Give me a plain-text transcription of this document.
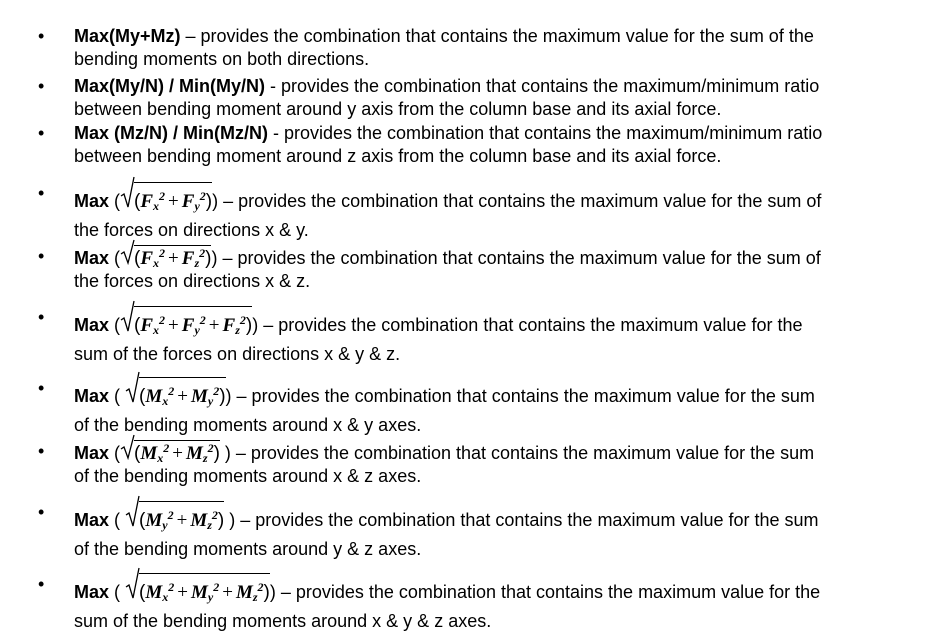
• Max(My+Mz) – provides the combination that contains the maximum value for the sum of the
bending moments on both directions.
• Max(My/N) / Min(My/N) - provides the combination that contains the maximum/minimum ratio
between bending moment around y axis from the column base and its axial force.
• Max (Mz/N) / Min(Mz/N) - provides the combination that contains the maximum/minimum ratio
between bending moment around z axis from the column base and its axial force.
• Max ( $(F_x^2 + F_y^2)$) – provides the combination that contains the maximum value for the sum of
the forces on directions x & y.
• Max ( $(F_x^2 + F_z^2)$) – provides the combination that contains the maximum value for the sum of
the forces on directions x & z.
• Max ( $(F_x^2 + F_y^2 + F_z^2)$) – provides the combination that contains the maximum value for the
sum of the forces on directions x & y & z.
• Max (
$(M_x^2 + M_y^2)$) – provides the combination that contains the maximum value for the sum
of the bending moments around x & y axes.
• Max ( $(M_x^2 + M_z^2)$ ) – provides the combination that contains the maximum value for the sum
of the bending moments around x & z axes.
• Max (
$(M_y^2 + M_z^2)$ ) – provides the combination that contains the maximum value for the sum
of the bending moments around y & z axes.
• Max (
$(M_x^2 + M_y^2 + M_z^2)$) – provides the combination that contains the maximum value for the
sum of the bending moments around x & y & z axes.
